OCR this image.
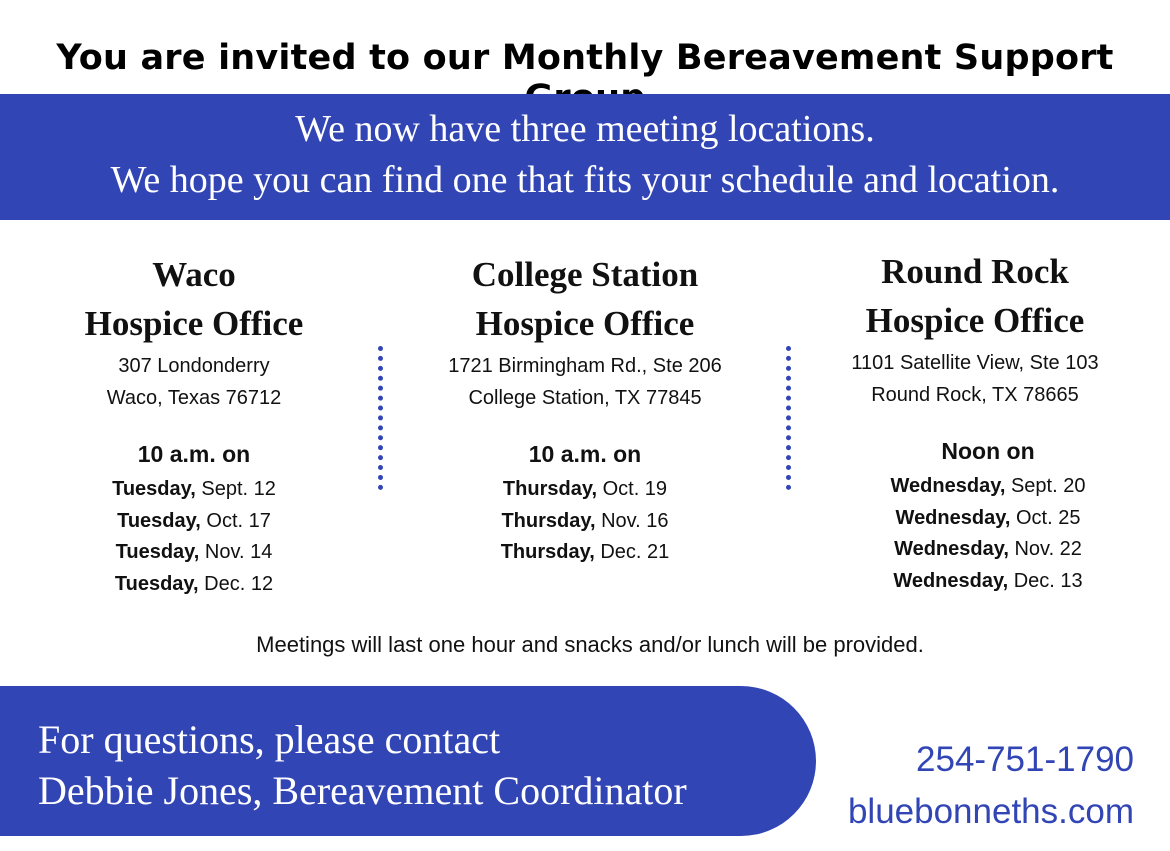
You are invited to our Monthly Bereavement Support
We now have three meeting locations.
We hope you can find one that fits your schedule and location.
Waco
Hospice Office
307 Londonderry
Waco, Texas 76712
10 a.m. on
Tuesday, Sept. 12
Tuesday, Oct. 17
Tuesday, Nov. 14
Tuesday, Dec. 12
College Station
Hospice Office
1721 Birmingham Rd., Ste 206
College Station, TX 77845
10 a.m. on
Thursday, Oct. 19
Thursday, Nov. 16
Thursday, Dec. 21
Round Rock
Hospice Office
1101 Satellite View, Ste 103
Round Rock, TX 78665
Noon on
Wednesday, Sept. 20
Wednesday, Oct. 25
Wednesday, Nov. 22
Wednesday, Dec. 13
Meetings will last one hour and snacks and/or lunch will be provided.
For questions, please contact
Debbie Jones, Bereavement Coordinator
254-751-1790
bluebonneths.com
